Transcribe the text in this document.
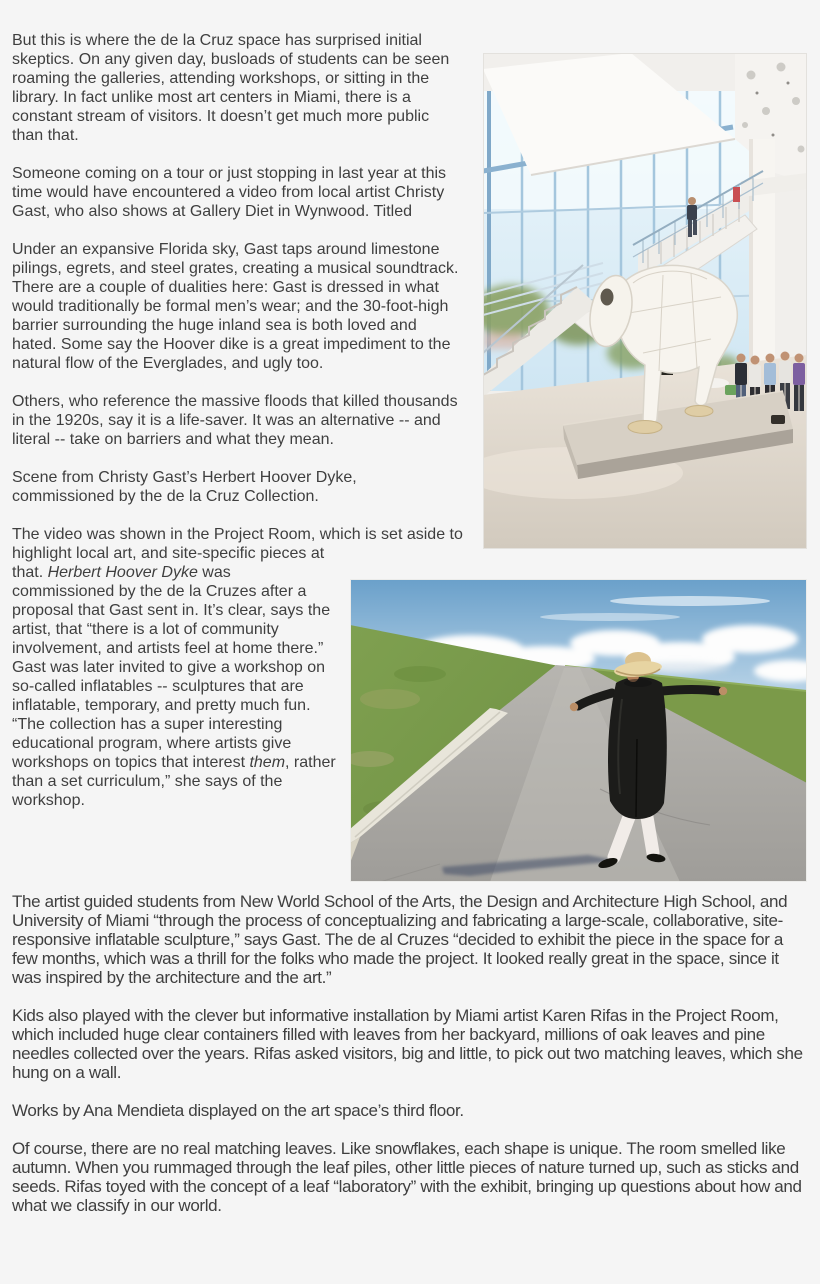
But this is where the de la Cruz space has surprised initial skeptics. On any given day, busloads of students can be seen roaming the galleries, attending workshops, or sitting in the library. In fact unlike most art centers in Miami, there is a constant stream of visitors. It doesn’t get much more public than that.

Someone coming on a tour or just stopping in last year at this time would have encountered a video from local artist Christy Gast, who also shows at Gallery Diet in Wynwood. Titled

Under an expansive Florida sky, Gast taps around limestone pilings, egrets, and steel grates, creating a musical soundtrack. There are a couple of dualities here: Gast is dressed in what would traditionally be formal men’s wear; and the 30-foot-high barrier surrounding the huge inland sea is both loved and hated. Some say the Hoover dike is a great impediment to the natural flow of the Everglades, and ugly too.

Others, who reference the massive floods that killed thousands in the 1920s, say it is a life-saver. It was an alternative -- and literal -- take on barriers and what they mean.

Scene from Christy Gast’s Herbert Hoover Dyke, commissioned by the de la Cruz Collection.

The video was shown in the Project Room, which is set aside to highlight local art, and site-specific pieces at that. Herbert Hoover Dyke was commissioned by the de la Cruzes after a proposal that Gast sent in. It’s clear, says the artist, that “there is a lot of community involvement, and artists feel at home there.”

Gast was later invited to give a workshop on so-called inflatables -- sculptures that are inflatable, temporary, and pretty much fun. “The collection has a super interesting educational program, where artists give workshops on topics that interest them, rather than a set curriculum,” she says of the workshop.

The artist guided students from New World School of the Arts, the Design and Architecture High School, and University of Miami “through the process of conceptualizing and fabricating a large-scale, collaborative, site-responsive inflatable sculpture,” says Gast. The de al Cruzes “decided to exhibit the piece in the space for a few months, which was a thrill for the folks who made the project. It looked really great in the space, since it was inspired by the architecture and the art.”

Kids also played with the clever but informative installation by Miami artist Karen Rifas in the Project Room, which included huge clear containers filled with leaves from her backyard, millions of oak leaves and pine needles collected over the years. Rifas asked visitors, big and little, to pick out two matching leaves, which she hung on a wall.

Works by Ana Mendieta displayed on the art space’s third floor.

Of course, there are no real matching leaves. Like snowflakes, each shape is unique. The room smelled like autumn. When you rummaged through the leaf piles, other little pieces of nature turned up, such as sticks and seeds. Rifas toyed with the concept of a leaf “laboratory” with the exhibit, bringing up questions about how and what we classify in our world.
